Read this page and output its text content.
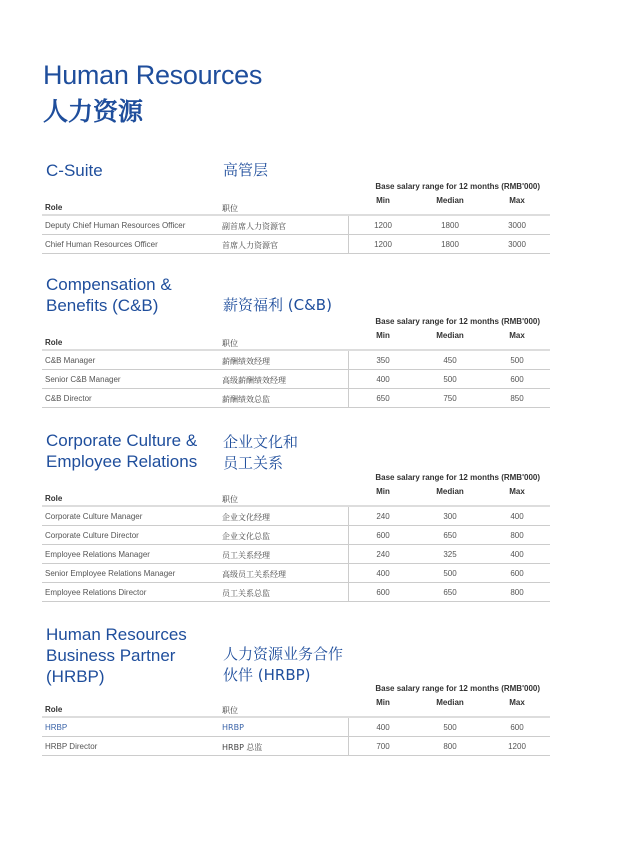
Human Resources
人力资源
C-Suite	高管层
Base salary range for 12 months (RMB'000)
Role	职位
Min	Median	Max
Deputy Chief Human Resources Officer	副首席人力资源官	1200	1800	3000
Chief Human Resources Officer	首席人力资源官	1200	1800	3000
Compensation & Benefits (C&B)	薪资福利 (C&B)
Base salary range for 12 months (RMB'000)
Role	职位
Min	Median	Max
C&B Manager	薪酬绩效经理	350	450	500
Senior C&B Manager	高级薪酬绩效经理	400	500	600
C&B Director	薪酬绩效总监	650	750	850
Corporate Culture & Employee Relations
企业文化和 员工关系
Base salary range for 12 months (RMB'000)
Role	职位
Min	Median	Max
Corporate Culture Manager	企业文化经理	240	300	400
Corporate Culture Director	企业文化总监	600	650	800
Employee Relations Manager	员工关系经理	240	325	400
Senior Employee Relations Manager	高级员工关系经理	400	500	600
Employee Relations Director	员工关系总监	600	650	800
Human Resources Business Partner (HRBP)
人力资源业务合作 伙伴 (HRBP)
Base salary range for 12 months (RMB'000)
Role	职位
Min	Median	Max
HRBP	HRBP	400	500	600
HRBP Director	HRBP 总监	700	800	1200
